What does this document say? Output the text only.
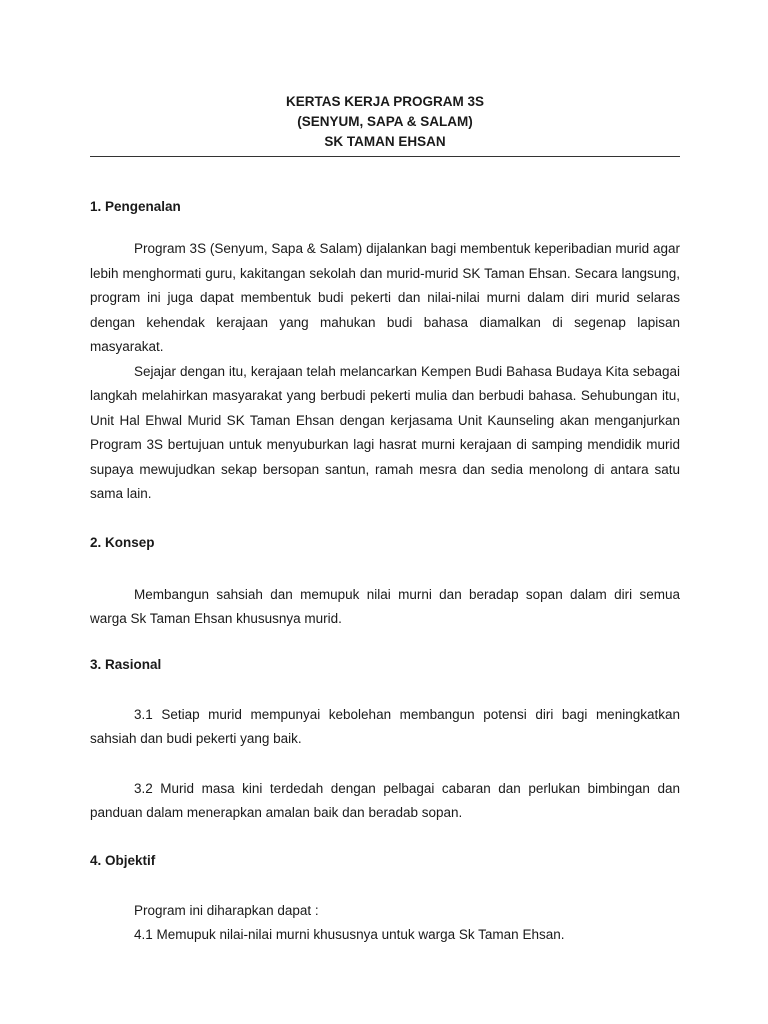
KERTAS KERJA PROGRAM 3S
(SENYUM, SAPA & SALAM)
SK TAMAN EHSAN

1. Pengenalan

Program 3S (Senyum, Sapa & Salam) dijalankan bagi membentuk keperibadian murid agar lebih menghormati guru, kakitangan sekolah dan murid-murid SK Taman Ehsan. Secara langsung, program ini juga dapat membentuk budi pekerti dan nilai-nilai murni dalam diri murid selaras dengan kehendak kerajaan yang mahukan budi bahasa diamalkan di segenap lapisan masyarakat.

Sejajar dengan itu, kerajaan telah melancarkan Kempen Budi Bahasa Budaya Kita sebagai langkah melahirkan masyarakat yang berbudi pekerti mulia dan berbudi bahasa. Sehubungan itu, Unit Hal Ehwal Murid SK Taman Ehsan dengan kerjasama Unit Kaunseling akan menganjurkan Program 3S bertujuan untuk menyuburkan lagi hasrat murni kerajaan di samping mendidik murid supaya mewujudkan sekap bersopan santun, ramah mesra dan sedia menolong di antara satu sama lain.

2. Konsep

Membangun sahsiah dan memupuk nilai murni dan beradap sopan dalam diri semua warga Sk Taman Ehsan khususnya murid.

3. Rasional

3.1 Setiap murid mempunyai kebolehan membangun potensi diri bagi meningkatkan sahsiah dan budi pekerti yang baik.

3.2 Murid masa kini terdedah dengan pelbagai cabaran dan perlukan bimbingan dan panduan dalam menerapkan amalan baik dan beradab sopan.

4. Objektif

Program ini diharapkan dapat :

4.1 Memupuk nilai-nilai murni khususnya untuk warga Sk Taman Ehsan.
